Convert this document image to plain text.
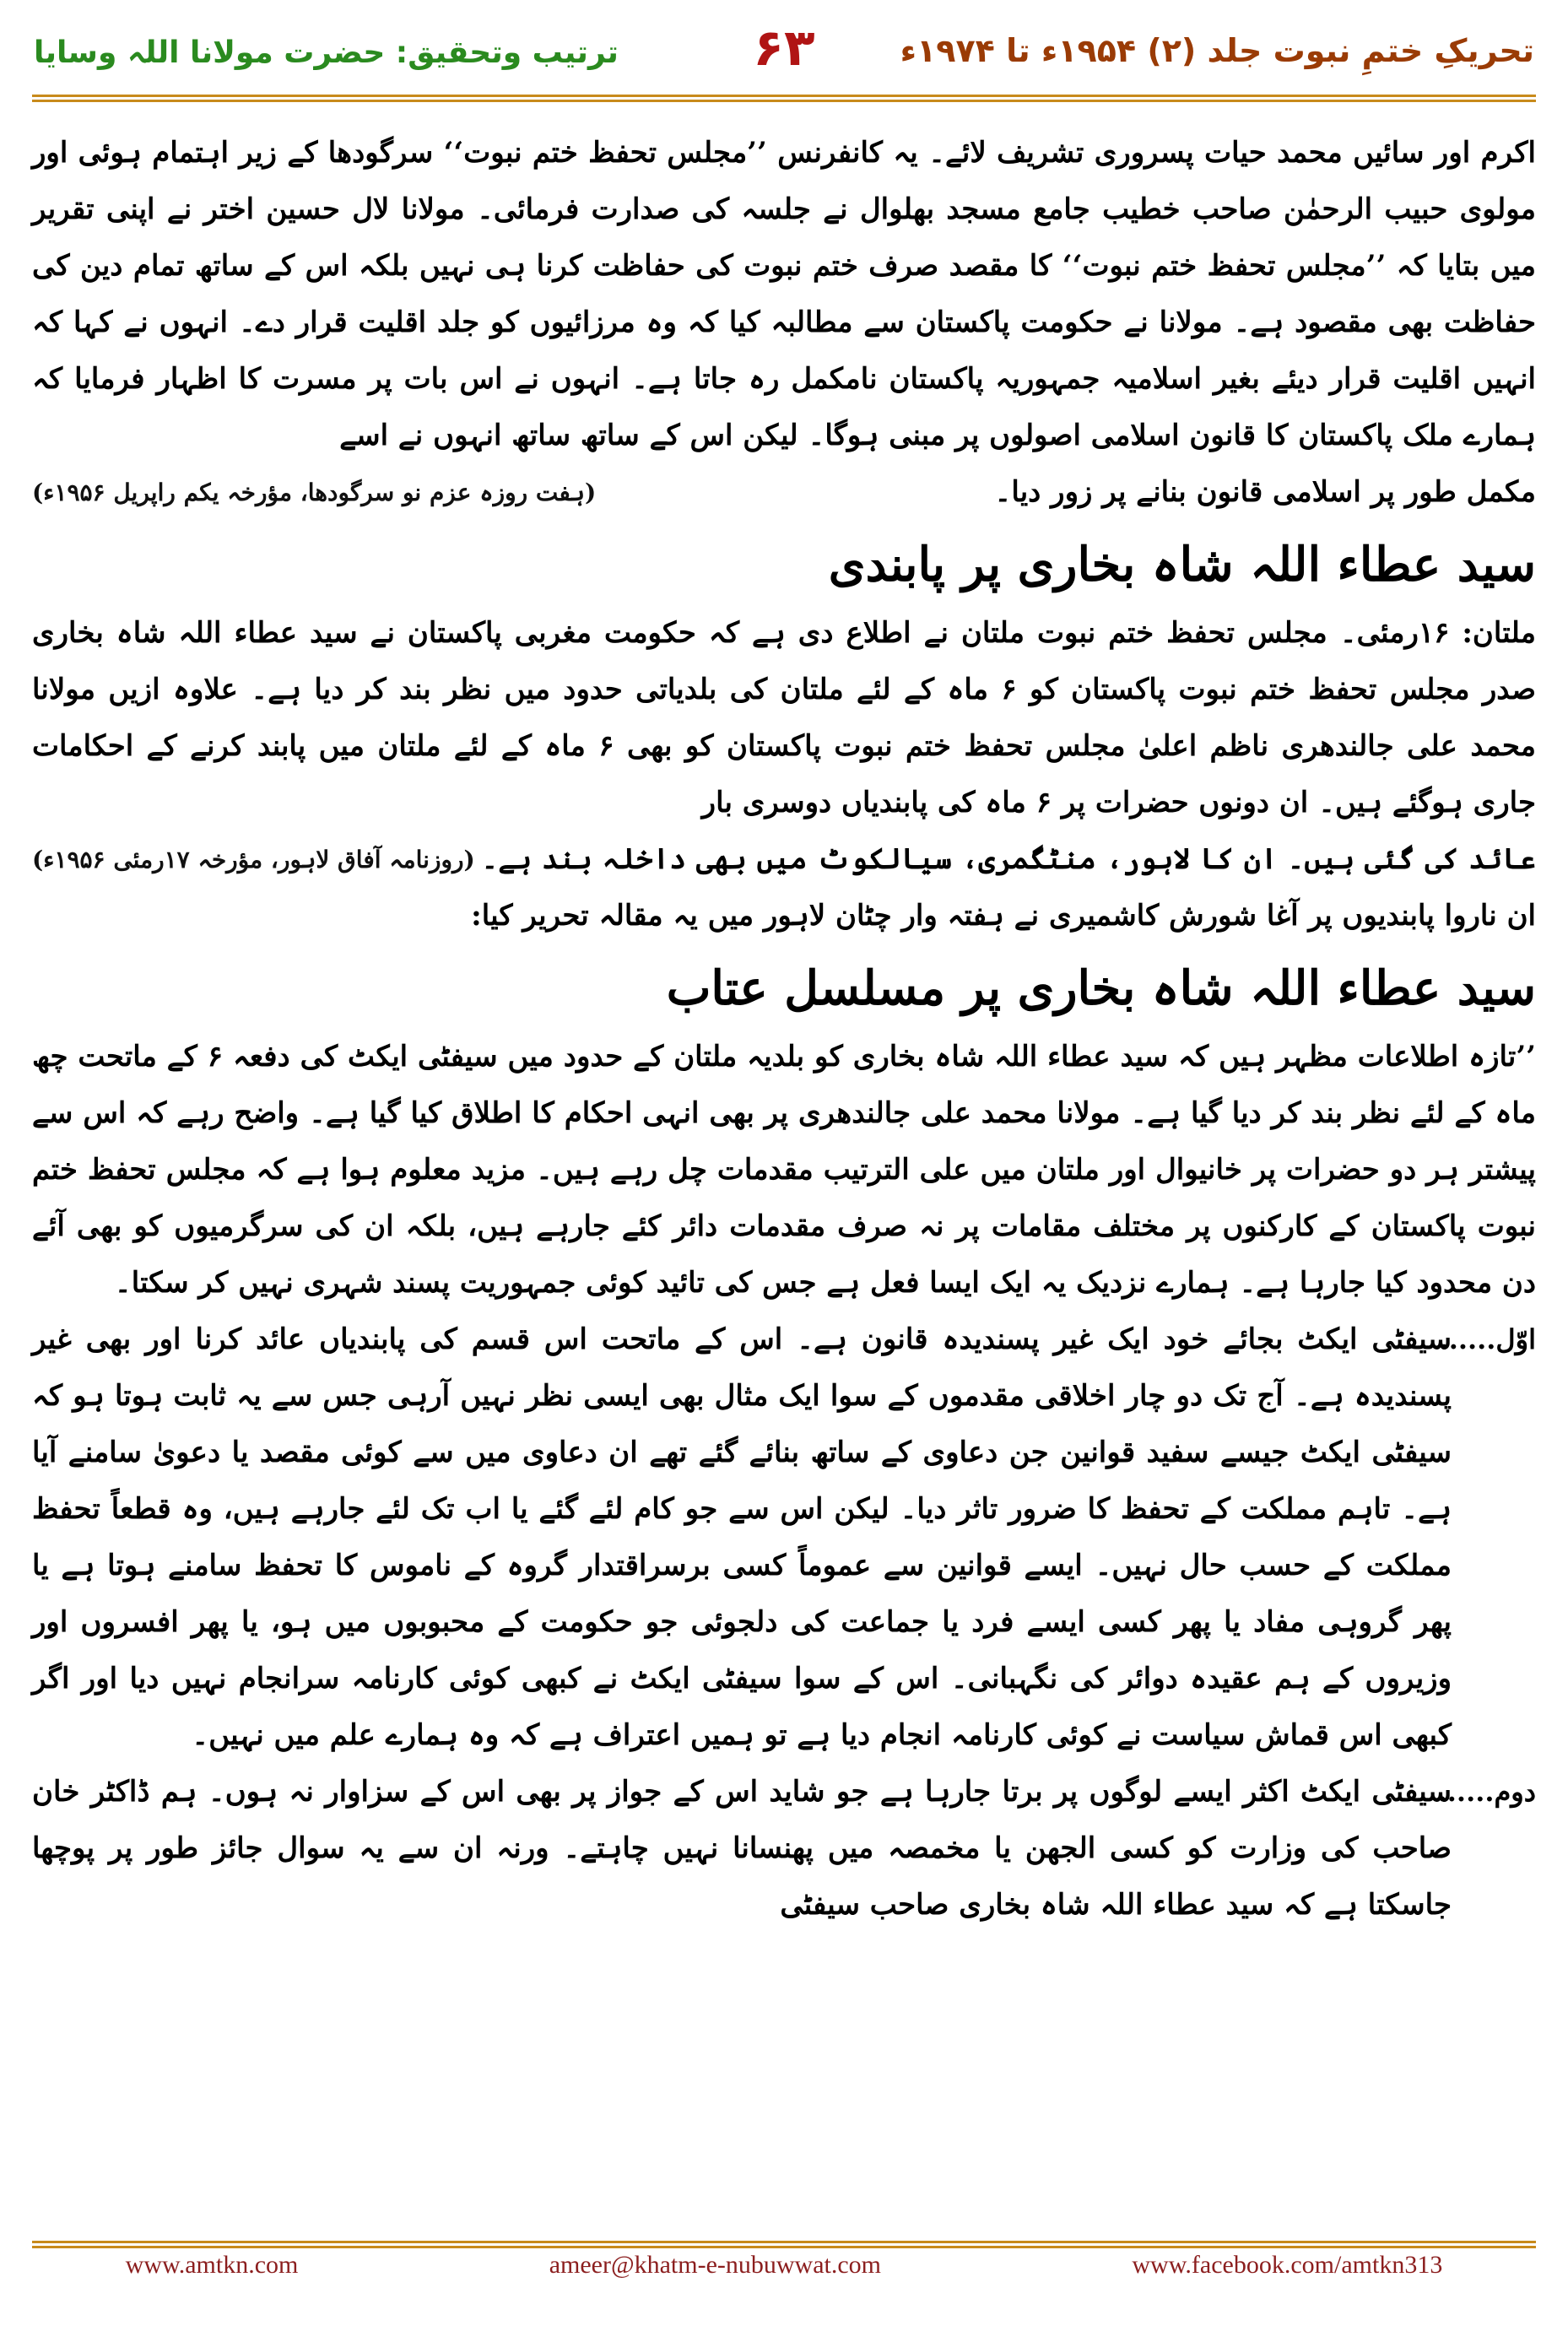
تحریکِ ختمِ نبوت جلد (۲) ۱۹۵۴ء تا ۱۹۷۴ء
۶۳
ترتیب وتحقیق: حضرت مولانا اللہ وسایا

اکرم اور سائیں محمد حیات پسروری تشریف لائے۔ یہ کانفرنس ’’مجلس تحفظ ختم نبوت‘‘ سرگودھا کے زیر اہتمام ہوئی اور مولوی حبیب الرحمٰن صاحب خطیب جامع مسجد بھلوال نے جلسہ کی صدارت فرمائی۔ مولانا لال حسین اختر نے اپنی تقریر میں بتایا کہ ’’مجلس تحفظ ختم نبوت‘‘ کا مقصد صرف ختم نبوت کی حفاظت کرنا ہی نہیں بلکہ اس کے ساتھ تمام دین کی حفاظت بھی مقصود ہے۔ مولانا نے حکومت پاکستان سے مطالبہ کیا کہ وہ مرزائیوں کو جلد اقلیت قرار دے۔ انہوں نے کہا کہ انہیں اقلیت قرار دیئے بغیر اسلامیہ جمہوریہ پاکستان نامکمل رہ جاتا ہے۔ انہوں نے اس بات پر مسرت کا اظہار فرمایا کہ ہمارے ملک پاکستان کا قانون اسلامی اصولوں پر مبنی ہوگا۔ لیکن اس کے ساتھ ساتھ انہوں نے اسے

مکمل طور پر اسلامی قانون بنانے پر زور دیا۔
(ہفت روزہ عزم نو سرگودھا، مؤرخہ یکم راپریل ۱۹۵۶ء)
سید عطاء اللہ شاہ بخاری پر پابندی

ملتان: ۱۶رمئی۔ مجلس تحفظ ختم نبوت ملتان نے اطلاع دی ہے کہ حکومت مغربی پاکستان نے سید عطاء اللہ شاہ بخاری صدر مجلس تحفظ ختم نبوت پاکستان کو ۶ ماہ کے لئے ملتان کی بلدیاتی حدود میں نظر بند کر دیا ہے۔ علاوہ ازیں مولانا محمد علی جالندھری ناظم اعلیٰ مجلس تحفظ ختم نبوت پاکستان کو بھی ۶ ماہ کے لئے ملتان میں پابند کرنے کے احکامات جاری ہوگئے ہیں۔ ان دونوں حضرات پر ۶ ماہ کی پابندیاں دوسری بار

عائد کی گئی ہیں۔ ان کا لاہور، منٹگمری، سیالکوٹ میں بھی داخلہ بند ہے۔
(روزنامہ آفاق لاہور، مؤرخہ ۱۷رمئی ۱۹۵۶ء)

ان ناروا پابندیوں پر آغا شورش کاشمیری نے ہفتہ وار چٹان لاہور میں یہ مقالہ تحریر کیا:

سید عطاء اللہ شاہ بخاری پر مسلسل عتاب

’’تازہ اطلاعات مظہر ہیں کہ سید عطاء اللہ شاہ بخاری کو بلدیہ ملتان کے حدود میں سیفٹی ایکٹ کی دفعہ ۶ کے ماتحت چھ ماہ کے لئے نظر بند کر دیا گیا ہے۔ مولانا محمد علی جالندھری پر بھی انہی احکام کا اطلاق کیا گیا ہے۔ واضح رہے کہ اس سے پیشتر ہر دو حضرات پر خانیوال اور ملتان میں علی الترتیب مقدمات چل رہے ہیں۔ مزید معلوم ہوا ہے کہ مجلس تحفظ ختم نبوت پاکستان کے کارکنوں پر مختلف مقامات پر نہ صرف مقدمات دائر کئے جارہے ہیں، بلکہ ان کی سرگرمیوں کو بھی آئے دن محدود کیا جارہا ہے۔ ہمارے نزدیک یہ ایک ایسا فعل ہے جس کی تائید کوئی جمہوریت پسند شہری نہیں کر سکتا۔

اوّل......
سیفٹی ایکٹ بجائے خود ایک غیر پسندیدہ قانون ہے۔ اس کے ماتحت اس قسم کی پابندیاں عائد کرنا اور بھی غیر پسندیدہ ہے۔ آج تک دو چار اخلاقی مقدموں کے سوا ایک مثال بھی ایسی نظر نہیں آرہی جس سے یہ ثابت ہوتا ہو کہ سیفٹی ایکٹ جیسے سفید قوانین جن دعاوی کے ساتھ بنائے گئے تھے ان دعاوی میں سے کوئی مقصد یا دعویٰ سامنے آیا ہے۔ تاہم مملکت کے تحفظ کا ضرور تاثر دیا۔ لیکن اس سے جو کام لئے گئے یا اب تک لئے جارہے ہیں، وہ قطعاً تحفظ مملکت کے حسب حال نہیں۔ ایسے قوانین سے عموماً کسی برسراقتدار گروہ کے ناموس کا تحفظ سامنے ہوتا ہے یا پھر گروہی مفاد یا پھر کسی ایسے فرد یا جماعت کی دلجوئی جو حکومت کے محبوبوں میں ہو، یا پھر افسروں اور وزیروں کے ہم عقیدہ دوائر کی نگہبانی۔ اس کے سوا سیفٹی ایکٹ نے کبھی کوئی کارنامہ سرانجام نہیں دیا اور اگر کبھی اس قماش سیاست نے کوئی کارنامہ انجام دیا ہے تو ہمیں اعتراف ہے کہ وہ ہمارے علم میں نہیں۔
دوم......
سیفٹی ایکٹ اکثر ایسے لوگوں پر برتا جارہا ہے جو شاید اس کے جواز پر بھی اس کے سزاوار نہ ہوں۔ ہم ڈاکٹر خان صاحب کی وزارت کو کسی الجھن یا مخمصہ میں پھنسانا نہیں چاہتے۔ ورنہ ان سے یہ سوال جائز طور پر پوچھا جاسکتا ہے کہ سید عطاء اللہ شاہ بخاری صاحب سیفٹی
www.amtkn.com	ameer@khatm-e-nubuwwat.com	www.facebook.com/amtkn313
